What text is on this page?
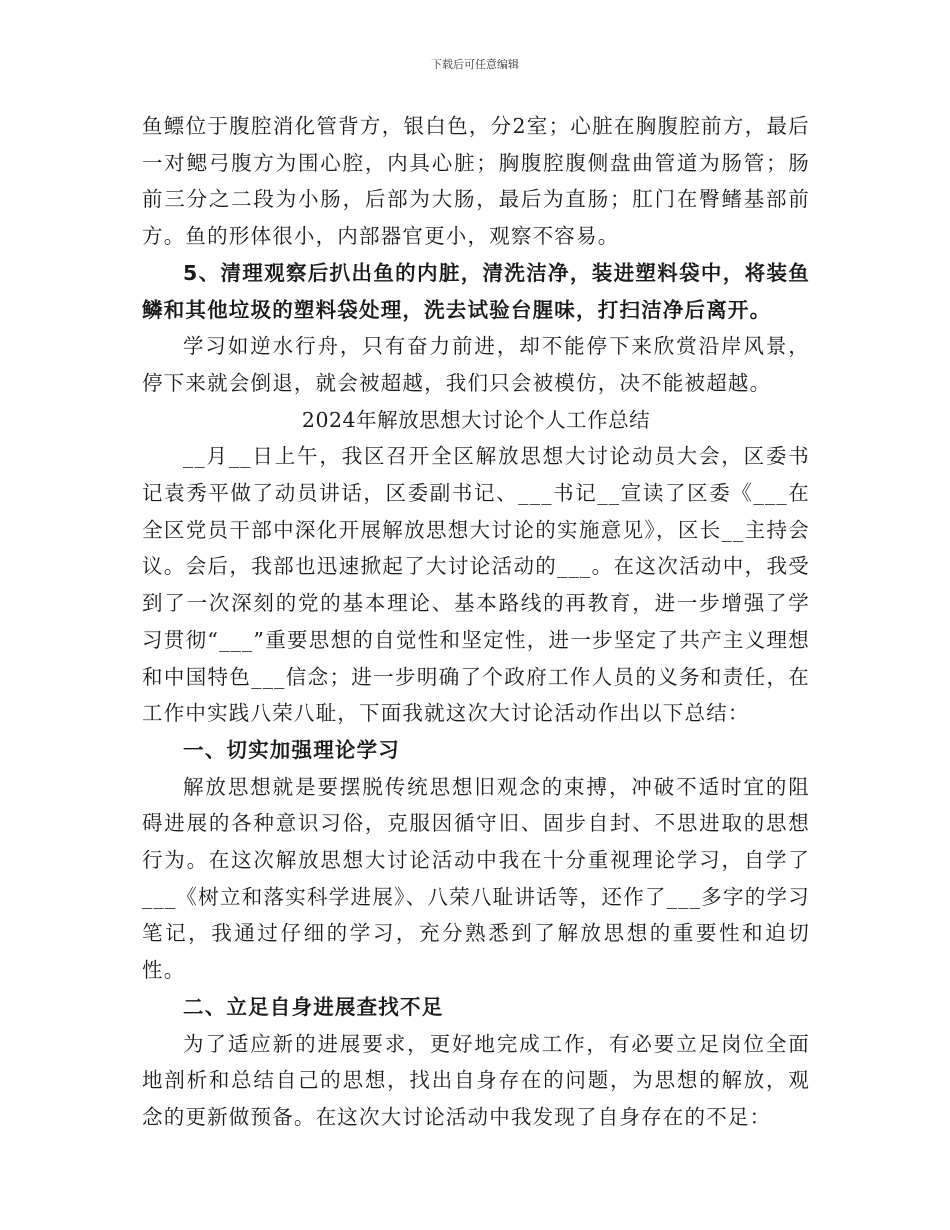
下载后可任意编辑

鱼鳔位于腹腔消化管背方，银白色，分2室；心脏在胸腹腔前方，最后一对鳃弓腹方为围心腔，内具心脏；胸腹腔腹侧盘曲管道为肠管；肠前三分之二段为小肠，后部为大肠，最后为直肠；肛门在臀鳍基部前方。鱼的形体很小，内部器官更小，观察不容易。

5、清理观察后扒出鱼的内脏，清洗洁净，装进塑料袋中，将装鱼鳞和其他垃圾的塑料袋处理，洗去试验台腥味，打扫洁净后离开。

学习如逆水行舟，只有奋力前进，却不能停下来欣赏沿岸风景，停下来就会倒退，就会被超越，我们只会被模仿，决不能被超越。

2024年解放思想大讨论个人工作总结

__月__日上午，我区召开全区解放思想大讨论动员大会，区委书记袁秀平做了动员讲话，区委副书记、___书记__宣读了区委《___在全区党员干部中深化开展解放思想大讨论的实施意见》，区长__主持会议。会后，我部也迅速掀起了大讨论活动的___。在这次活动中，我受到了一次深刻的党的基本理论、基本路线的再教育，进一步增强了学习贯彻“___”重要思想的自觉性和坚定性，进一步坚定了共产主义理想和中国特色___信念；进一步明确了个政府工作人员的义务和责任，在工作中实践八荣八耻，下面我就这次大讨论活动作出以下总结：

一、切实加强理论学习

解放思想就是要摆脱传统思想旧观念的束搏，冲破不适时宜的阻碍进展的各种意识习俗，克服因循守旧、固步自封、不思进取的思想行为。在这次解放思想大讨论活动中我在十分重视理论学习，自学了___《树立和落实科学进展》、八荣八耻讲话等，还作了___多字的学习笔记，我通过仔细的学习，充分熟悉到了解放思想的重要性和迫切性。

二、立足自身进展查找不足

为了适应新的进展要求，更好地完成工作，有必要立足岗位全面地剖析和总结自己的思想，找出自身存在的问题，为思想的解放，观念的更新做预备。在这次大讨论活动中我发现了自身存在的不足：
